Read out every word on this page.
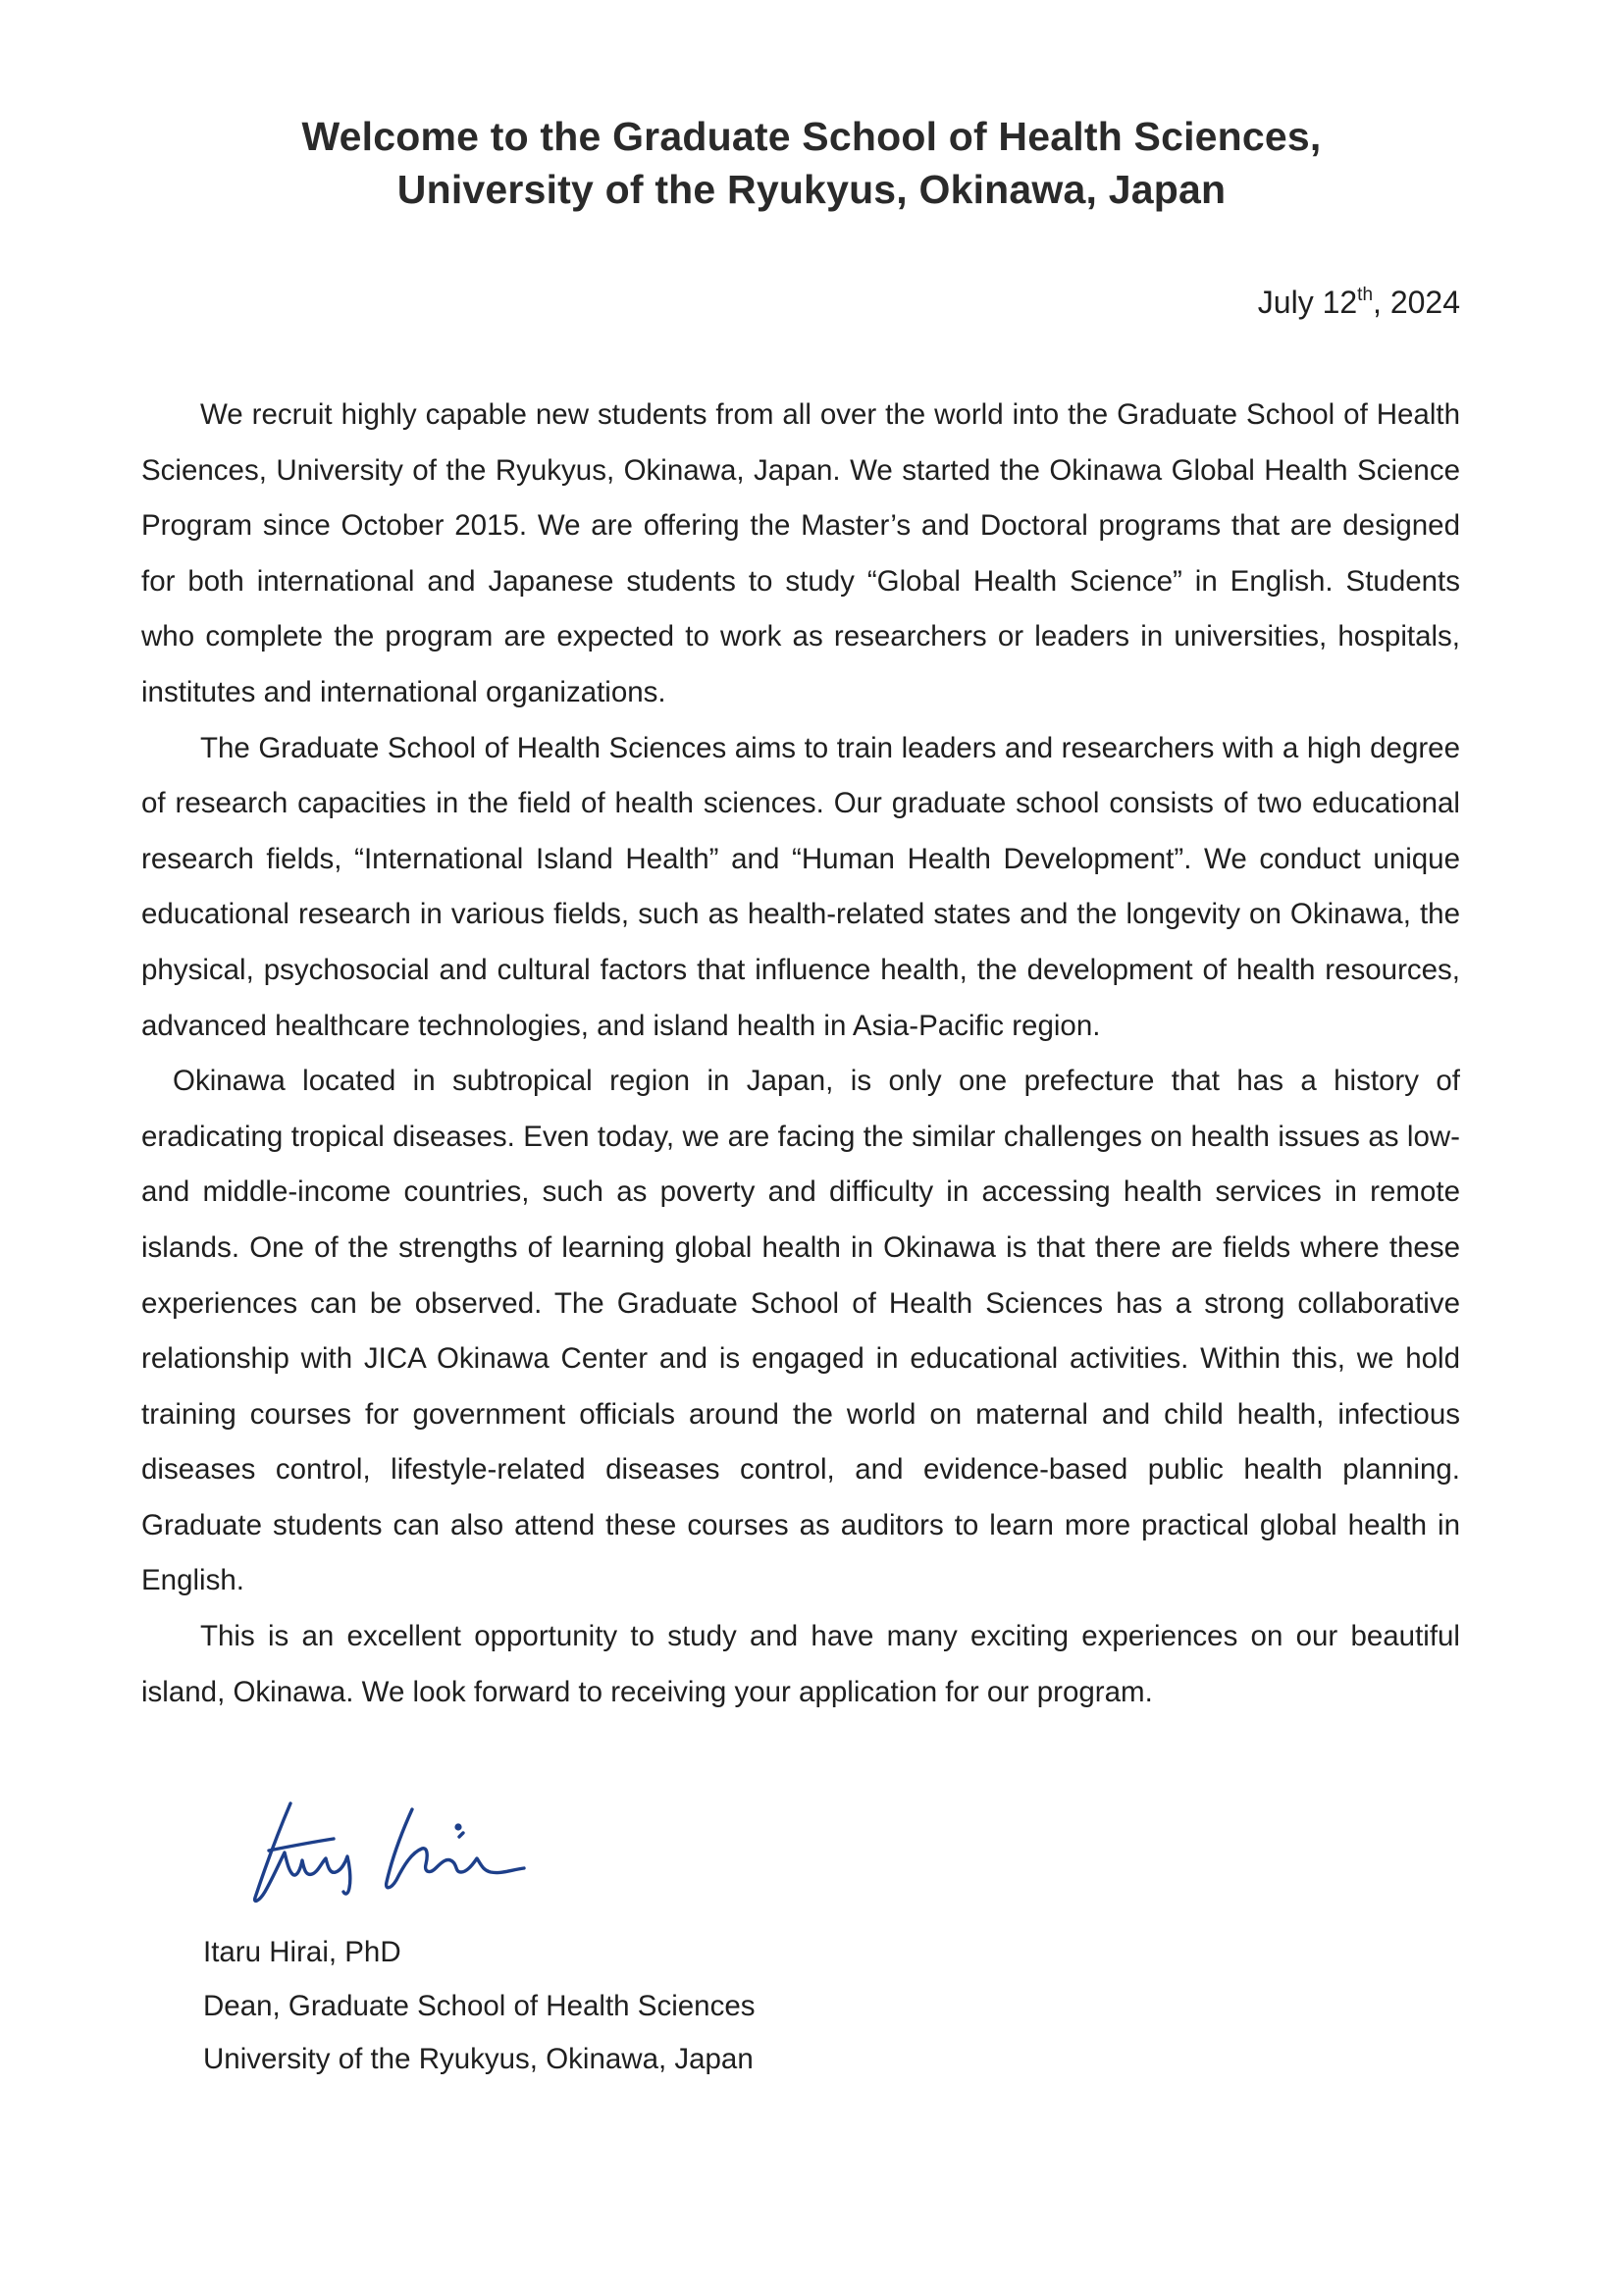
Welcome to the Graduate School of Health Sciences,
University of the Ryukyus, Okinawa, Japan
July 12th, 2024

We recruit highly capable new students from all over the world into the Graduate School of Health Sciences, University of the Ryukyus, Okinawa, Japan. We started the Okinawa Global Health Science Program since October 2015. We are offering the Master’s and Doctoral programs that are designed for both international and Japanese students to study “Global Health Science” in English. Students who complete the program are expected to work as researchers or leaders in universities, hospitals, institutes and international organizations.

The Graduate School of Health Sciences aims to train leaders and researchers with a high degree of research capacities in the field of health sciences. Our graduate school consists of two educational research fields, “International Island Health” and “Human Health Development”. We conduct unique educational research in various fields, such as health-related states and the longevity on Okinawa, the physical, psychosocial and cultural factors that influence health, the development of health resources, advanced healthcare technologies, and island health in Asia-Pacific region.

Okinawa located in subtropical region in Japan, is only one prefecture that has a history of eradicating tropical diseases. Even today, we are facing the similar challenges on health issues as low- and middle-income countries, such as poverty and difficulty in accessing health services in remote islands. One of the strengths of learning global health in Okinawa is that there are fields where these experiences can be observed. The Graduate School of Health Sciences has a strong collaborative relationship with JICA Okinawa Center and is engaged in educational activities. Within this, we hold training courses for government officials around the world on maternal and child health, infectious diseases control, lifestyle-related diseases control, and evidence-based public health planning. Graduate students can also attend these courses as auditors to learn more practical global health in English.

This is an excellent opportunity to study and have many exciting experiences on our beautiful island, Okinawa. We look forward to receiving your application for our program.

Itaru Hirai, PhD
Dean, Graduate School of Health Sciences
University of the Ryukyus, Okinawa, Japan
